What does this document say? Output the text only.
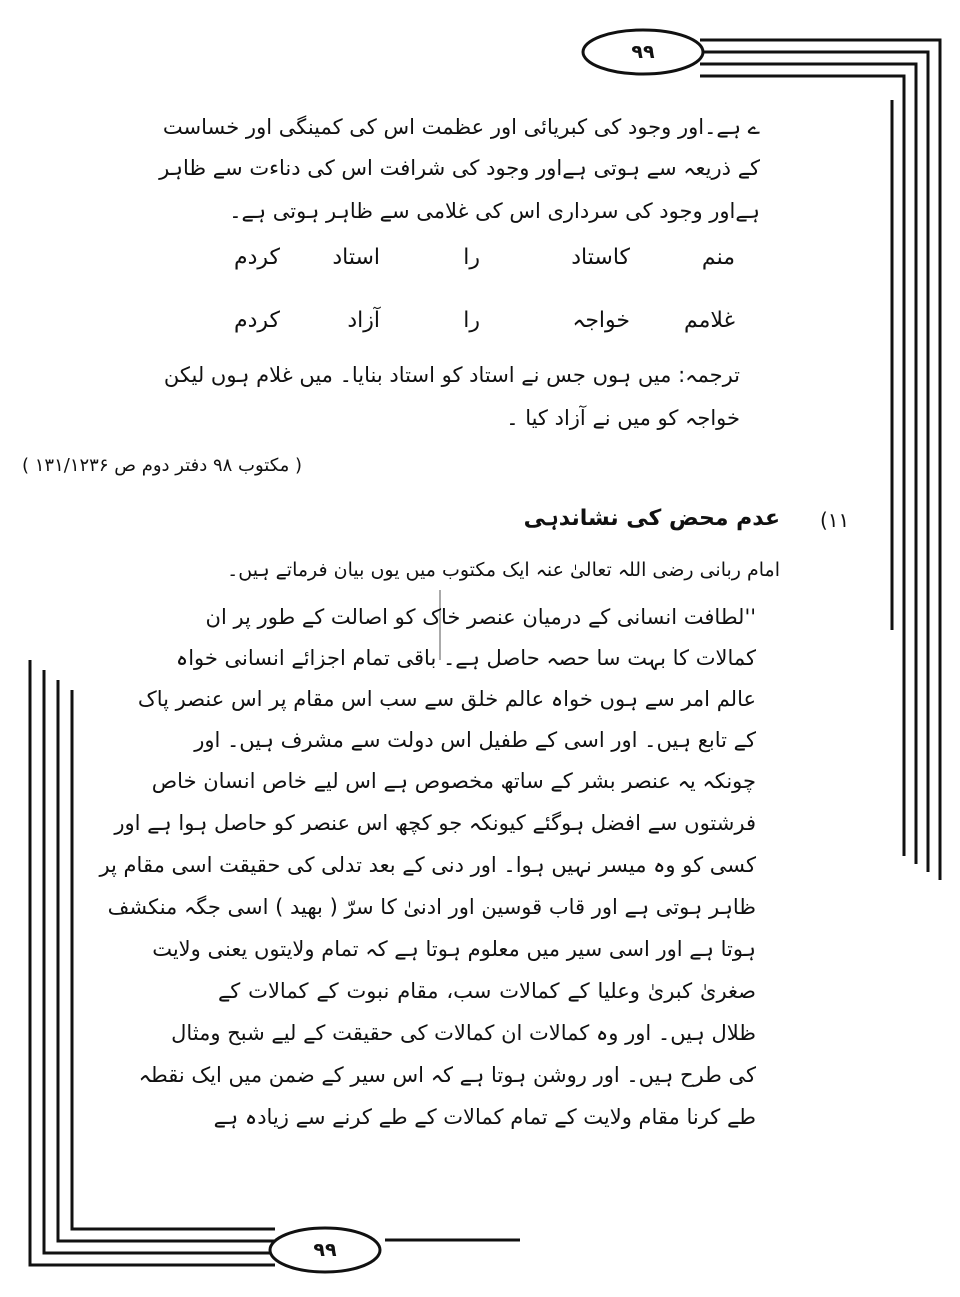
۹۹
۹۹
ے ہے۔اور وجود کی کبریائی اور عظمت اس کی کمینگی اور خساست
کے ذریعہ سے ہوتی ہےاور وجود کی شرافت اس کی دناءت سے ظاہر
ہےاور وجود کی سرداری اس کی غلامی سے ظاہر ہوتی ہے۔
منم
کاستاد
را
استاد
کردم
غلامم
خواجہ
را
آزاد
کردم
ترجمہ: میں ہوں جس نے استاد کو استاد بنایا۔ میں غلام ہوں لیکن
خواجہ کو میں نے آزاد کیا ۔
( مکتوب ۹۸ دفتر دوم ص ۱۳۱/۱۲۳۶ )
(۱۱
عدم محض کی نشاندہی
امام ربانی رضی اللہ تعالیٰ عنہ ایک مکتوب میں یوں بیان فرماتے ہیں۔
''لطافت انسانی کے درمیان عنصر خاک کو اصالت کے طور پر ان
کمالات کا بہت سا حصہ حاصل ہے۔ باقی تمام اجزائے انسانی خواہ
عالم امر سے ہوں خواہ عالم خلق سے سب اس مقام پر اس عنصر پاک
کے تابع ہیں۔ اور اسی کے طفیل اس دولت سے مشرف ہیں۔ اور
چونکہ یہ عنصر بشر کے ساتھ مخصوص ہے اس لیے خاص انسان خاص
فرشتوں سے افضل ہوگئے کیونکہ جو کچھ اس عنصر کو حاصل ہوا ہے اور
کسی کو وہ میسر نہیں ہوا۔ اور دنی کے بعد تدلی کی حقیقت اسی مقام پر
ظاہر ہوتی ہے اور قاب قوسین اور ادنیٰ کا سرّ ( بھید ) اسی جگہ منکشف
ہوتا ہے اور اسی سیر میں معلوم ہوتا ہے کہ تمام ولایتوں یعنی ولایت
صغریٰ کبریٰ وعلیا کے کمالات سب، مقام نبوت کے کمالات کے
ظلال ہیں۔ اور وہ کمالات ان کمالات کی حقیقت کے لیے شبح ومثال
کی طرح ہیں۔ اور روشن ہوتا ہے کہ اس سیر کے ضمن میں ایک نقطہ
طے کرنا مقام ولایت کے تمام کمالات کے طے کرنے سے زیادہ ہے
